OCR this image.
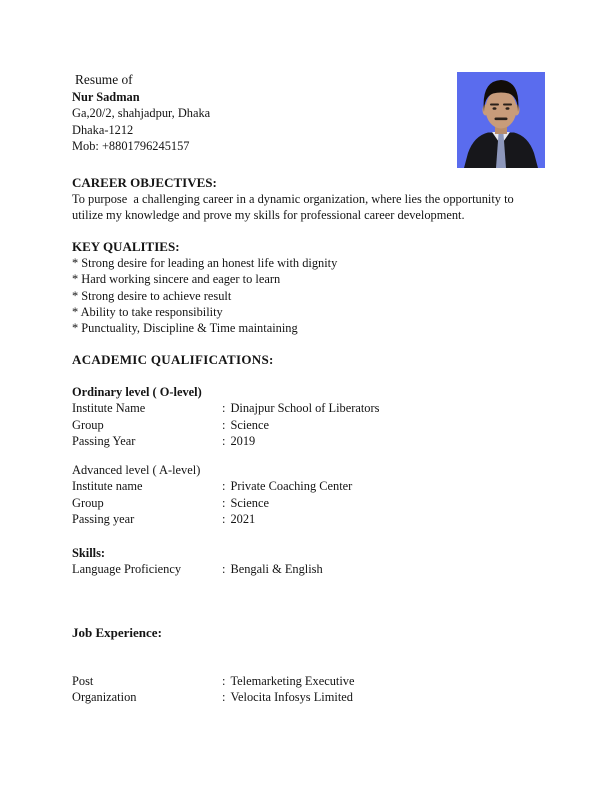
Resume of
Nur Sadman
Ga,20/2, shahjadpur, Dhaka
Dhaka-1212
Mob: +8801796245157
CAREER OBJECTIVES:
To purpose  a challenging career in a dynamic organization, where lies the opportunity to utilize my knowledge and prove my skills for professional career development.
KEY QUALITIES:
* Strong desire for leading an honest life with dignity
* Hard working sincere and eager to learn
* Strong desire to achieve result
* Ability to take responsibility
* Punctuality, Discipline & Time maintaining
ACADEMIC QUALIFICATIONS:
Ordinary level ( O-level)
Institute Name	: Dinajpur School of Liberators
Group	: Science
Passing Year	: 2019
Advanced level ( A-level)
Institute name	: Private Coaching Center
Group	: Science
Passing year	: 2021
Skills:
Language Proficiency	: Bengali & English
Job Experience:
Post	: Telemarketing Executive
Organization	: Velocita Infosys Limited
